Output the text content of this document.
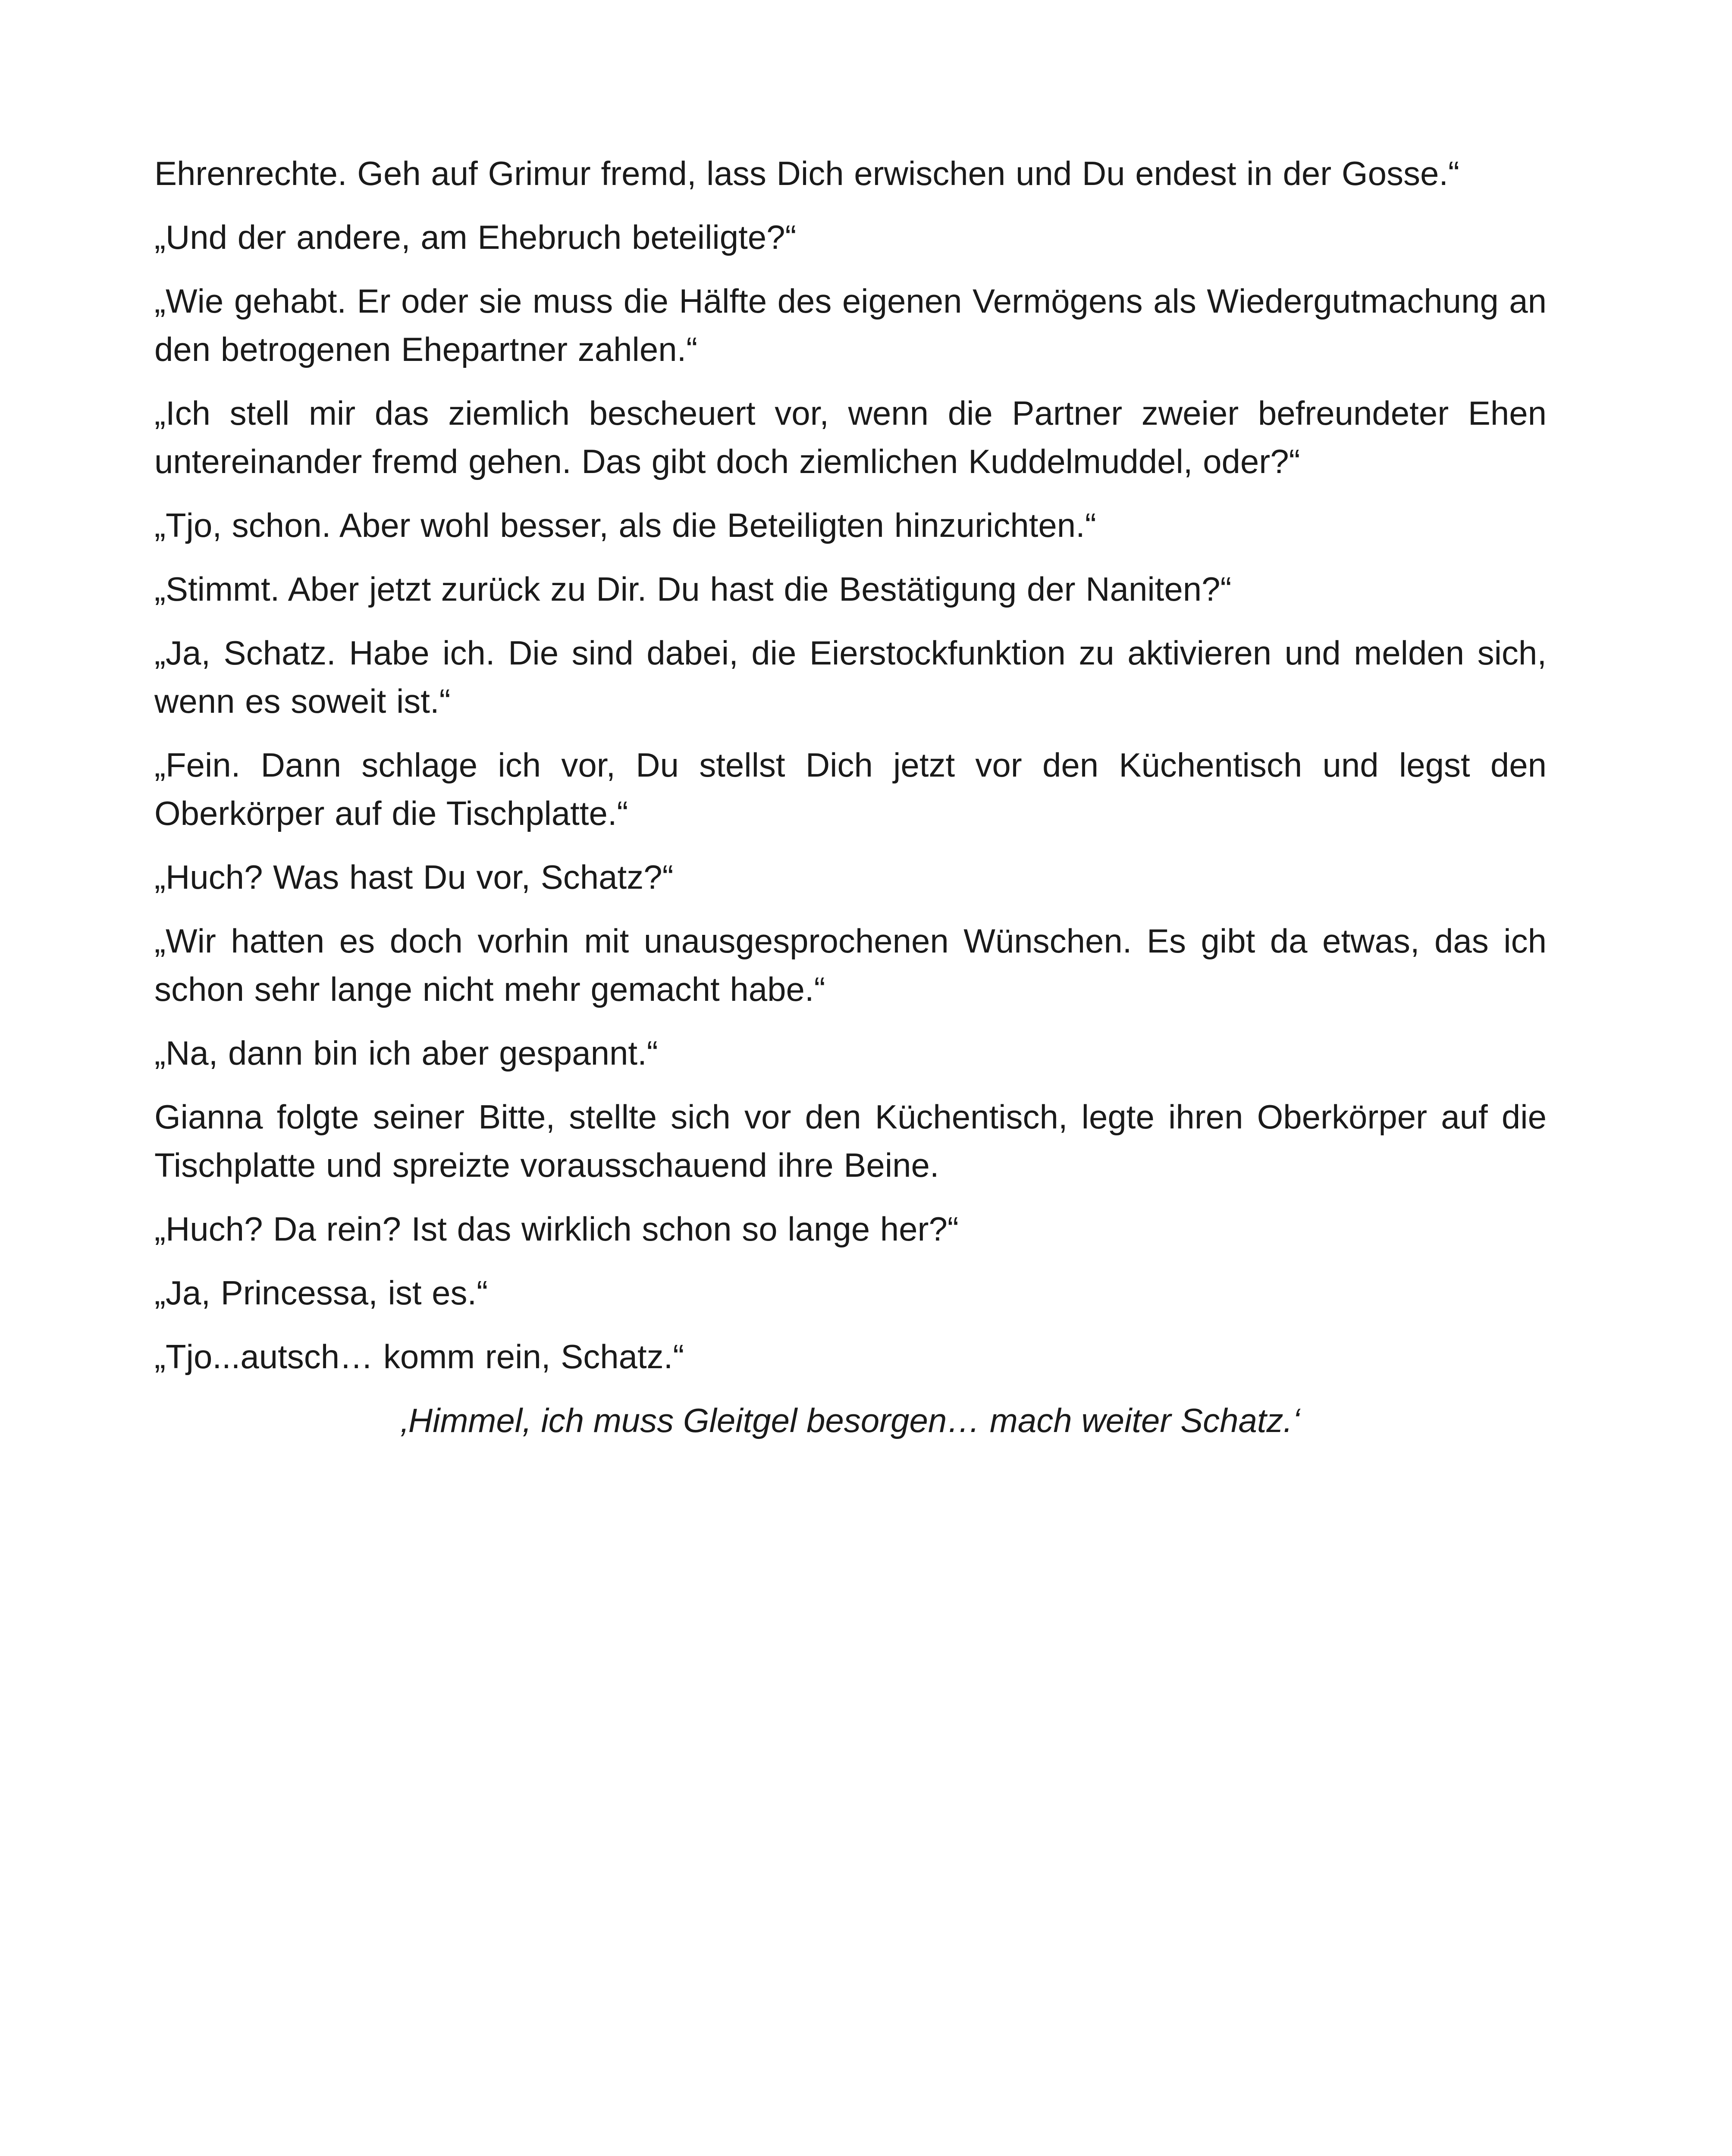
Ehrenrechte. Geh auf Grimur fremd, lass Dich erwischen und Du endest in der Gosse.“

„Und der andere, am Ehebruch beteiligte?“

„Wie gehabt. Er oder sie muss die Hälfte des eigenen Vermögens als Wiedergutmachung an den betrogenen Ehepartner zahlen.“

„Ich stell mir das ziemlich bescheuert vor, wenn die Partner zweier befreundeter Ehen untereinander fremd gehen. Das gibt doch ziemlichen Kuddelmuddel, oder?“

„Tjo, schon. Aber wohl besser, als die Beteiligten hinzurichten.“

„Stimmt. Aber jetzt zurück zu Dir. Du hast die Bestätigung der Naniten?“

„Ja, Schatz. Habe ich. Die sind dabei, die Eierstockfunktion zu aktivieren und melden sich, wenn es soweit ist.“

„Fein. Dann schlage ich vor, Du stellst Dich jetzt vor den Küchentisch und legst den Oberkörper auf die Tischplatte.“

„Huch? Was hast Du vor, Schatz?“

„Wir hatten es doch vorhin mit unausgesprochenen Wünschen. Es gibt da etwas, das ich schon sehr lange nicht mehr gemacht habe.“

„Na, dann bin ich aber gespannt.“

Gianna folgte seiner Bitte, stellte sich vor den Küchentisch, legte ihren Oberkörper auf die Tischplatte und spreizte vorausschauend ihre Beine.

„Huch? Da rein? Ist das wirklich schon so lange her?“

„Ja, Princessa, ist es.“

„Tjo...autsch… komm rein, Schatz.“

‚Himmel, ich muss Gleitgel besorgen… mach weiter Schatz.‘
